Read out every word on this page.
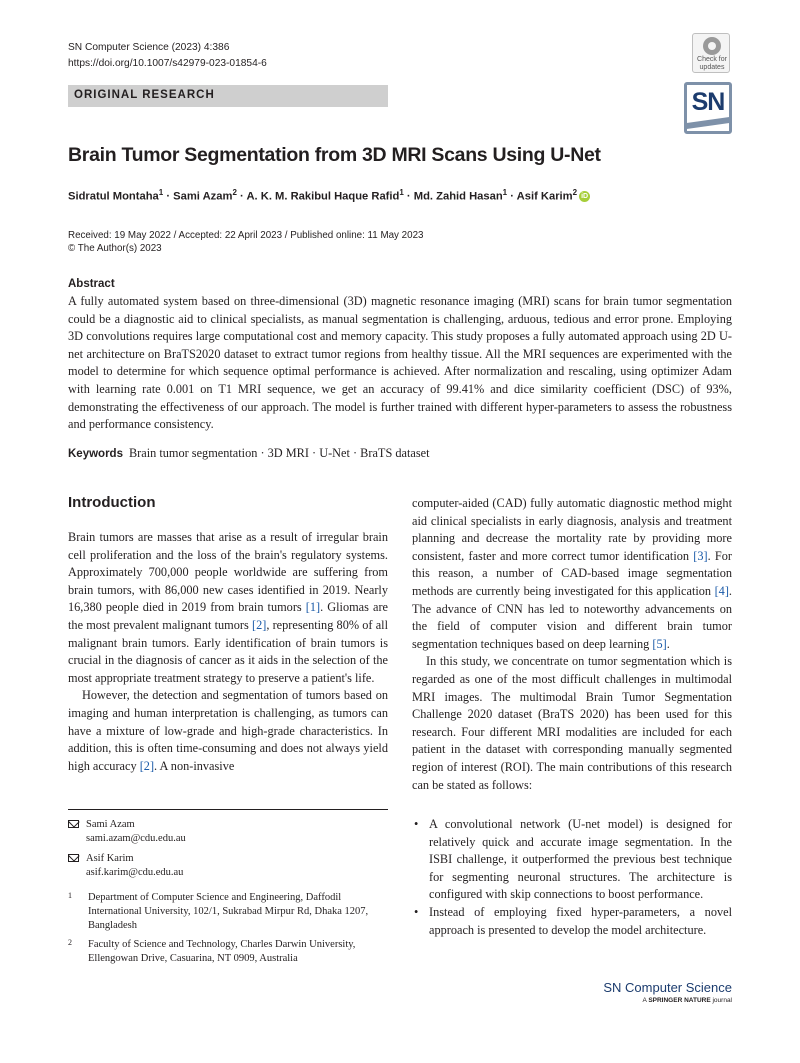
SN Computer Science (2023) 4:386
https://doi.org/10.1007/s42979-023-01854-6
ORIGINAL RESEARCH
Check for updates
SN
Brain Tumor Segmentation from 3D MRI Scans Using U-Net
Sidratul Montaha$^1$ · Sami Azam$^2$ · A. K. M. Rakibul Haque Rafid$^1$ · Md. Zahid Hasan$^1$ · Asif Karim$^2$ iD
Received: 19 May 2022 / Accepted: 22 April 2023 / Published online: 11 May 2023
© The Author(s) 2023
Abstract
A fully automated system based on three-dimensional (3D) magnetic resonance imaging (MRI) scans for brain tumor segmentation could be a diagnostic aid to clinical specialists, as manual segmentation is challenging, arduous, tedious and error prone. Employing 3D convolutions requires large computational cost and memory capacity. This study proposes a fully automated approach using 2D U-net architecture on BraTS2020 dataset to extract tumor regions from healthy tissue. All the MRI sequences are experimented with the model to determine for which sequence optimal performance is achieved. After normalization and rescaling, using optimizer Adam with learning rate 0.001 on T1 MRI sequence, we get an accuracy of 99.41% and dice similarity coefficient (DSC) of 93%, demonstrating the effectiveness of our approach. The model is further trained with different hyper-parameters to assess the robustness and performance consistency.
Keywords Brain tumor segmentation · 3D MRI · U-Net · BraTS dataset
Introduction

Brain tumors are masses that arise as a result of irregular brain cell proliferation and the loss of the brain's regulatory systems. Approximately 700,000 people worldwide are suffering from brain tumors, with 86,000 new cases identified in 2019. Nearly 16,380 people died in 2019 from brain tumors [1]. Gliomas are the most prevalent malignant tumors [2], representing 80% of all malignant brain tumors. Early identification of brain tumors is crucial in the diagnosis of cancer as it aids in the selection of the most appropriate treatment strategy to preserve a patient's life.

However, the detection and segmentation of tumors based on imaging and human interpretation is challenging, as tumors can have a mixture of low-grade and high-grade characteristics. In addition, this is often time-consuming and does not always yield high accuracy [2]. A non-invasive

computer-aided (CAD) fully automatic diagnostic method might aid clinical specialists in early diagnosis, analysis and treatment planning and decrease the mortality rate by providing more consistent, faster and more correct tumor identification [3]. For this reason, a number of CAD-based image segmentation methods are currently being investigated for this application [4]. The advance of CNN has led to noteworthy advancements on the field of computer vision and different brain tumor segmentation techniques based on deep learning [5].

In this study, we concentrate on tumor segmentation which is regarded as one of the most difficult challenges in multimodal MRI images. The multimodal Brain Tumor Segmentation Challenge 2020 dataset (BraTS 2020) has been used for this research. Four different MRI modalities are included for each patient in the dataset with corresponding manually segmented region of interest (ROI). The main contributions of this research can be stated as follows:

• A convolutional network (U-net model) is designed for relatively quick and accurate image segmentation. In the ISBI challenge, it outperformed the previous best technique for segmenting neuronal structures. The architecture is configured with skip connections to boost performance.
• Instead of employing fixed hyper-parameters, a novel approach is presented to develop the model architecture.
Sami Azam
sami.azam@cdu.edu.au
Asif Karim
asif.karim@cdu.edu.au
1 Department of Computer Science and Engineering, Daffodil International University, 102/1, Sukrabad Mirpur Rd, Dhaka 1207, Bangladesh
2 Faculty of Science and Technology, Charles Darwin University, Ellengowan Drive, Casuarina, NT 0909, Australia
SN Computer Science
A SPRINGER NATURE journal
